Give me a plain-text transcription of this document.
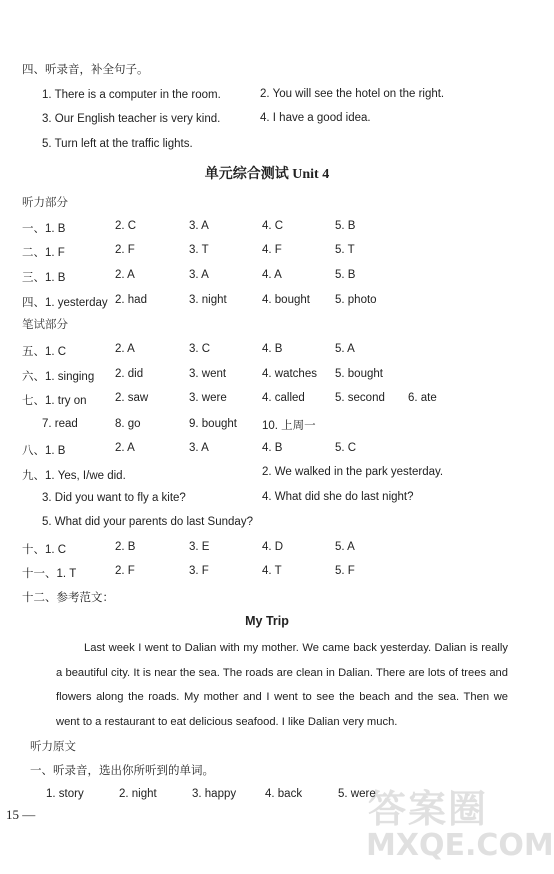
四、听录音，补全句子。
1. There is a computer in the room.	2. You will see the hotel on the right.
3. Our English teacher is very kind.	4. I have a good idea.
5. Turn left at the traffic lights.
单元综合测试 Unit 4
听力部分
一、1. B	2. C	3. A	4. C	5. B
二、1. F	2. F	3. T	4. F	5. T
三、1. B	2. A	3. A	4. A	5. B
四、1. yesterday 2. had	3. night	4. bought 5. photo
笔试部分
五、1. C	2. A	3. C	4. B	5. A
六、1. singing 2. did	3. went	4. watches 5. bought
七、1. try on 2. saw	3. were	4. called	5. second 6. ate
7. read	8. go	9. bought 10. 上周一
八、1. B	2. A	3. A	4. B	5. C
九、1. Yes, I/we did.	2. We walked in the park yesterday.
3. Did you want to fly a kite?	4. What did she do last night?
5. What did your parents do last Sunday?
十、1. C	2. B	3. E	4. D	5. A
十一、1. T	2. F	3. F	4. T	5. F
十二、参考范文：
My Trip
Last week I went to Dalian with my mother. We came back yesterday. Dalian is really a beautiful city. It is near the sea. The roads are clean in Dalian. There are lots of trees and flowers along the roads. My mother and I went to see the beach and the sea. Then we went to a restaurant to eat delicious seafood. I like Dalian very much.
听力原文
一、听录音，选出你所听到的单词。
1. story	2. night	3. happy	4. back	5. were
15 —	答案圈
MXQE.COM
